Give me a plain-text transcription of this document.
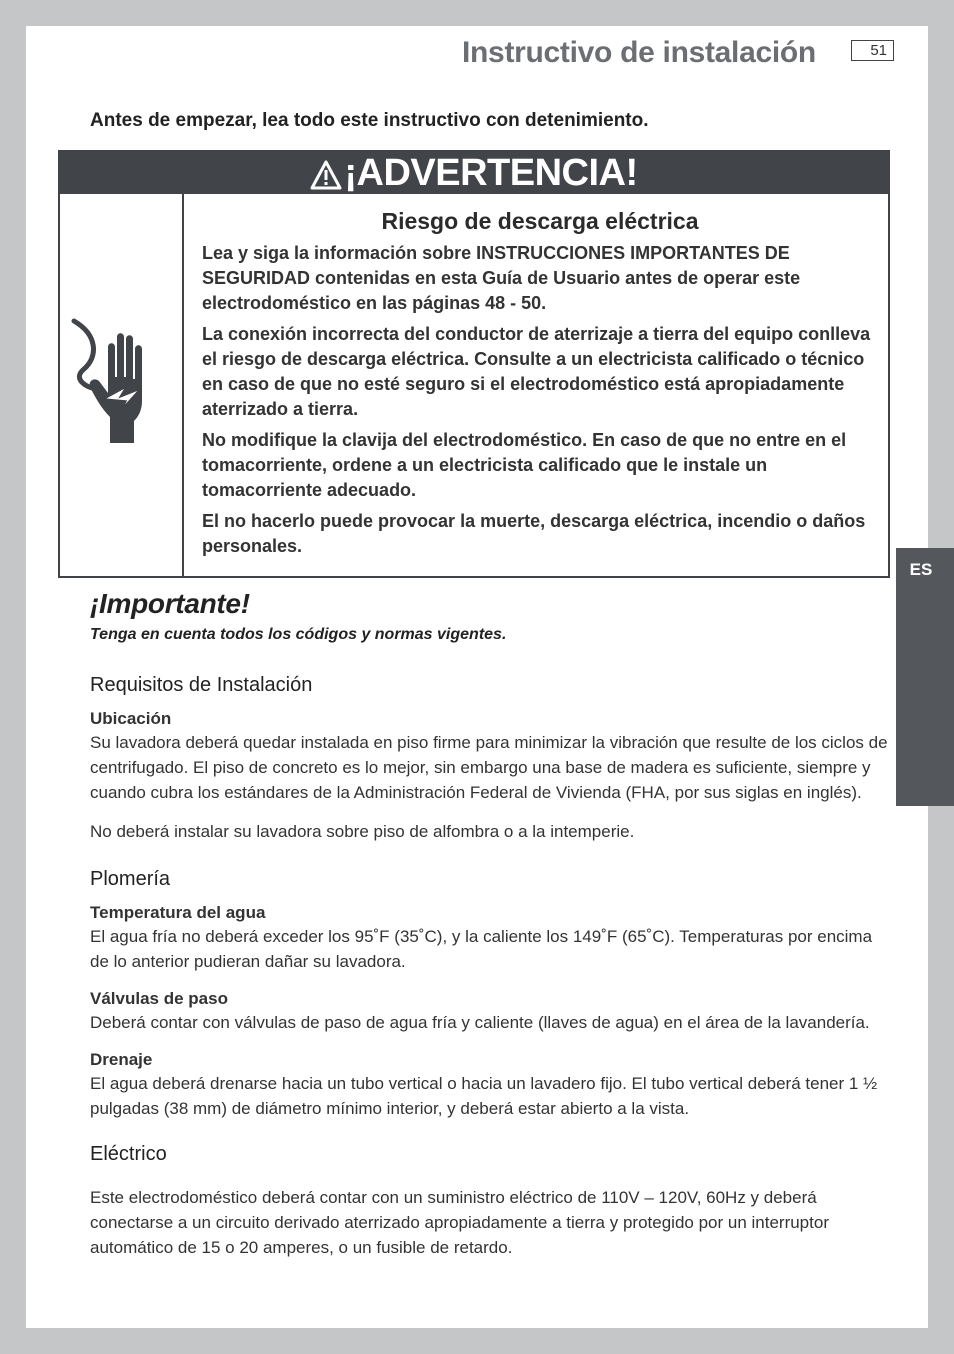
ES
Instructivo de instalación	51
Antes de empezar, lea todo este instructivo con detenimiento.
¡ADVERTENCIA!
Riesgo de descarga eléctrica

Lea y siga la información sobre INSTRUCCIONES IMPORTANTES DE SEGURIDAD contenidas en esta Guía de Usuario antes de operar este electrodoméstico en las páginas 48 - 50.

La conexión incorrecta del conductor de aterrizaje a tierra del equipo conlleva el riesgo de descarga eléctrica. Consulte a un electricista calificado o técnico en caso de que no esté seguro si el electrodoméstico está apropiadamente aterrizado a tierra.

No modifique la clavija del electrodoméstico. En caso de que no entre en el tomacorriente, ordene a un electricista calificado que le instale un tomacorriente adecuado.

El no hacerlo puede provocar la muerte, descarga eléctrica, incendio o daños personales.

¡Importante!
Tenga en cuenta todos los códigos y normas vigentes.
Requisitos de Instalación

Ubicación

Su lavadora deberá quedar instalada en piso firme para minimizar la vibración que resulte de los ciclos de centrifugado. El piso de concreto es lo mejor, sin embargo una base de madera es suficiente, siempre y cuando cubra los estándares de la Administración Federal de Vivienda (FHA, por sus siglas en inglés).

No deberá instalar su lavadora sobre piso de alfombra o a la intemperie.

Plomería

Temperatura del agua

El agua fría no deberá exceder los 95˚F (35˚C), y la caliente los 149˚F (65˚C). Temperaturas por encima de lo anterior pudieran dañar su lavadora.

Válvulas de paso

Deberá contar con válvulas de paso de agua fría y caliente (llaves de agua) en el área de la lavandería.

Drenaje

El agua deberá drenarse hacia un tubo vertical o hacia un lavadero fijo. El tubo vertical deberá tener 1 ½ pulgadas (38 mm) de diámetro mínimo interior, y deberá estar abierto a la vista.

Eléctrico

Este electrodoméstico deberá contar con un suministro eléctrico de 110V – 120V, 60Hz y deberá conectarse a un circuito derivado aterrizado apropiadamente a tierra y protegido por un interruptor automático de 15 o 20 amperes, o un fusible de retardo.
